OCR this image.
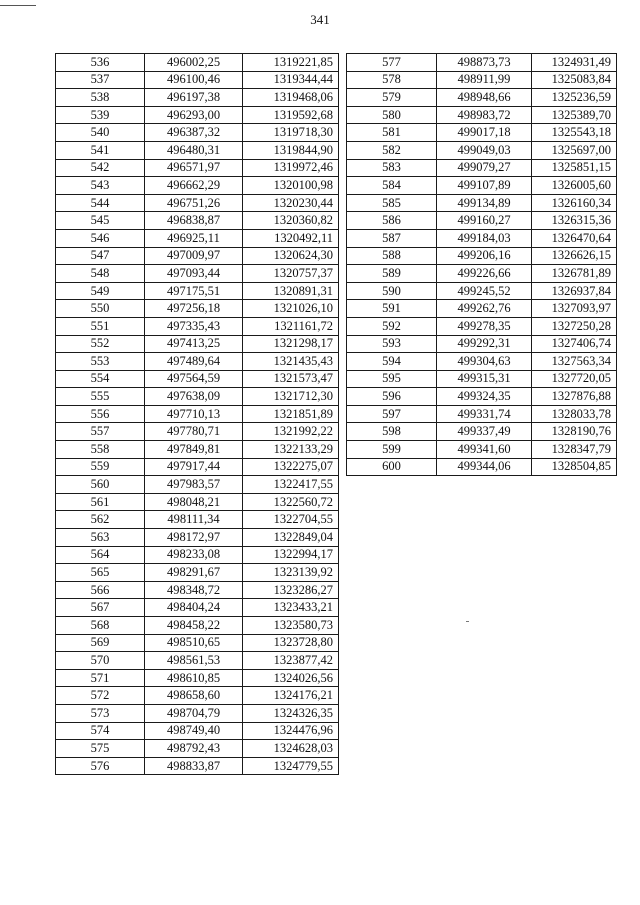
341
536	496002,25	1319221,85
537	496100,46	1319344,44
538	496197,38	1319468,06
539	496293,00	1319592,68
540	496387,32	1319718,30
541	496480,31	1319844,90
542	496571,97	1319972,46
543	496662,29	1320100,98
544	496751,26	1320230,44
545	496838,87	1320360,82
546	496925,11	1320492,11
547	497009,97	1320624,30
548	497093,44	1320757,37
549	497175,51	1320891,31
550	497256,18	1321026,10
551	497335,43	1321161,72
552	497413,25	1321298,17
553	497489,64	1321435,43
554	497564,59	1321573,47
555	497638,09	1321712,30
556	497710,13	1321851,89
557	497780,71	1321992,22
558	497849,81	1322133,29
559	497917,44	1322275,07
560	497983,57	1322417,55
561	498048,21	1322560,72
562	498111,34	1322704,55
563	498172,97	1322849,04
564	498233,08	1322994,17
565	498291,67	1323139,92
566	498348,72	1323286,27
567	498404,24	1323433,21
568	498458,22	1323580,73
569	498510,65	1323728,80
570	498561,53	1323877,42
571	498610,85	1324026,56
572	498658,60	1324176,21
573	498704,79	1324326,35
574	498749,40	1324476,96
575	498792,43	1324628,03
576	498833,87	1324779,55
577	498873,73	1324931,49
578	498911,99	1325083,84
579	498948,66	1325236,59
580	498983,72	1325389,70
581	499017,18	1325543,18
582	499049,03	1325697,00
583	499079,27	1325851,15
584	499107,89	1326005,60
585	499134,89	1326160,34
586	499160,27	1326315,36
587	499184,03	1326470,64
588	499206,16	1326626,15
589	499226,66	1326781,89
590	499245,52	1326937,84
591	499262,76	1327093,97
592	499278,35	1327250,28
593	499292,31	1327406,74
594	499304,63	1327563,34
595	499315,31	1327720,05
596	499324,35	1327876,88
597	499331,74	1328033,78
598	499337,49	1328190,76
599	499341,60	1328347,79
600	499344,06	1328504,85
